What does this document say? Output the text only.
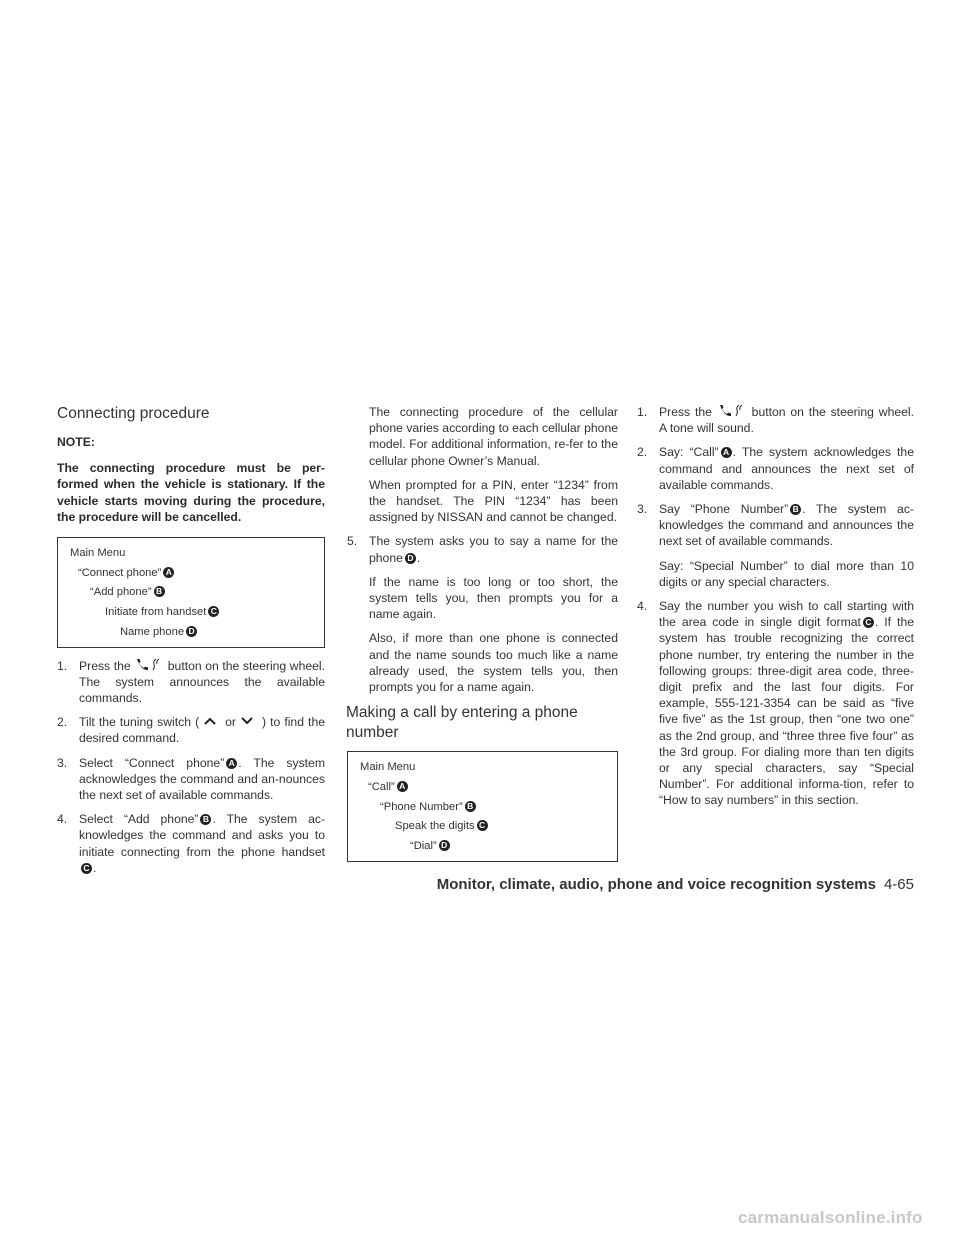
Connecting procedure
NOTE:
The connecting procedure must be per-formed when the vehicle is stationary. If the vehicle starts moving during the procedure, the procedure will be cancelled.
Main Menu
“Connect phone” A
“Add phone” B
Initiate from handset C
Name phone D
1. Press the	button on the steering wheel. The system announces the available commands.
2. Tilt the tuning switch ( or ) to find the desired command.
3. Select “Connect phone” A . The system acknowledges the command and an-nounces the next set of available commands.
4. Select “Add phone” B . The system ac-knowledges the command and asks you to initiate connecting from the phone handset C .
The connecting procedure of the cellular phone varies according to each cellular phone model. For additional information, re-fer to the cellular phone Owner’s Manual.
When prompted for a PIN, enter “1234” from the handset. The PIN “1234” has been assigned by NISSAN and cannot be changed.
5. The system asks you to say a name for the phone D .
If the name is too long or too short, the system tells you, then prompts you for a name again.
Also, if more than one phone is connected and the name sounds too much like a name already used, the system tells you, then prompts you for a name again.
Making a call by entering a phone number
Main Menu
“Call” A
“Phone Number” B
Speak the digits C
“Dial” D
1. Press the	button on the steering wheel. A tone will sound.
2. Say: “Call” A . The system acknowledges the command and announces the next set of available commands.
3. Say “Phone Number” B . The system ac-knowledges the command and announces the next set of available commands.
Say: “Special Number” to dial more than 10 digits or any special characters.
4. Say the number you wish to call starting with the area code in single digit format C . If the system has trouble recognizing the correct phone number, try entering the number in the following groups: three-digit area code, three-digit prefix and the last four digits. For example, 555-121-3354 can be said as “five five five” as the 1st group, then “one two one” as the 2nd group, and “three three five four” as the 3rd group. For dialing more than ten digits or any special characters, say “Special Number”. For additional informa-tion, refer to “How to say numbers” in this section.
Monitor, climate, audio, phone and voice recognition systems 4-65
carmanualsonline.info
